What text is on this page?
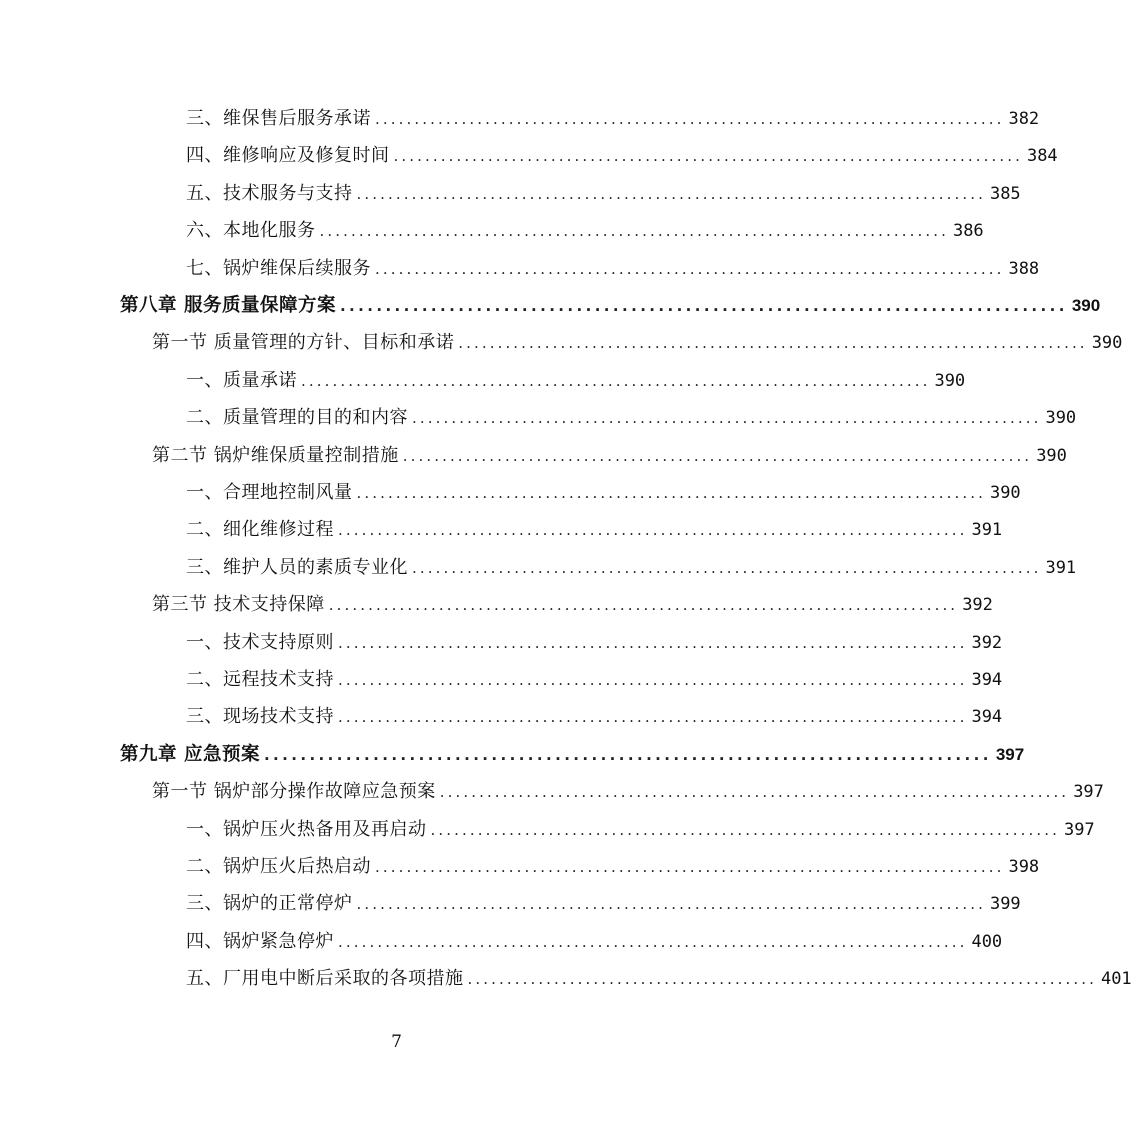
三、维保售后服务承诺 ................................................................................ 382
四、维修响应及修复时间 ................................................................................ 384
五、技术服务与支持 ................................................................................ 385
六、本地化服务 ................................................................................ 386
七、锅炉维保后续服务 ................................................................................ 388
第八章 服务质量保障方案 ................................................................................ 390
第一节 质量管理的方针、目标和承诺 ................................................................................ 390
一、质量承诺 ................................................................................ 390
二、质量管理的目的和内容 ................................................................................ 390
第二节 锅炉维保质量控制措施 ................................................................................ 390
一、合理地控制风量 ................................................................................ 390
二、细化维修过程 ................................................................................ 391
三、维护人员的素质专业化 ................................................................................ 391
第三节 技术支持保障 ................................................................................ 392
一、技术支持原则 ................................................................................ 392
二、远程技术支持 ................................................................................ 394
三、现场技术支持 ................................................................................ 394
第九章 应急预案 ................................................................................ 397
第一节 锅炉部分操作故障应急预案 ................................................................................ 397
一、锅炉压火热备用及再启动 ................................................................................ 397
二、锅炉压火后热启动 ................................................................................ 398
三、锅炉的正常停炉 ................................................................................ 399
四、锅炉紧急停炉 ................................................................................ 400
五、厂用电中断后采取的各项措施 ................................................................................ 401
7
